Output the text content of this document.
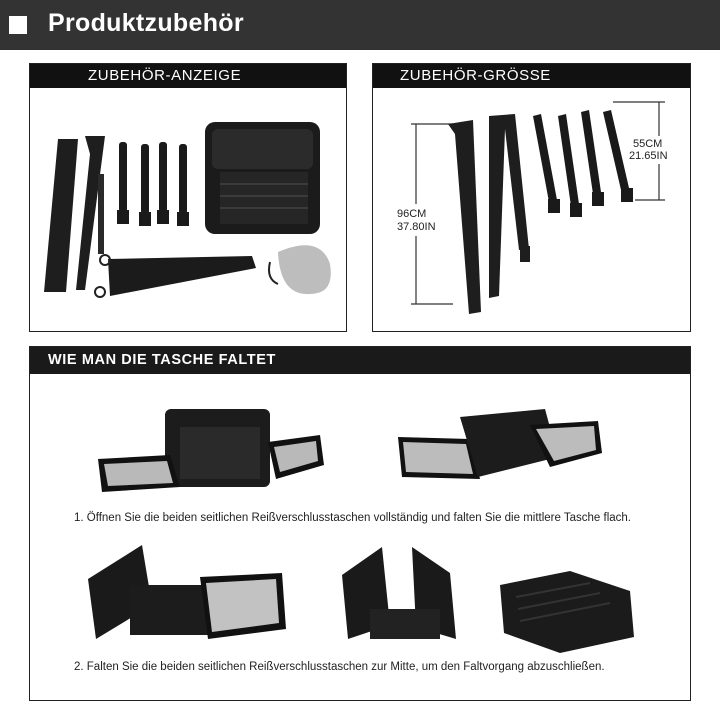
Produktzubehör
ZUBEHÖR-ANZEIGE	ZUBEHÖR-GRÖSSE
96CM
37.80IN
55CM
21.65IN
WIE MAN DIE TASCHE FALTET
1. Öffnen Sie die beiden seitlichen Reißverschlusstaschen vollständig und falten Sie die mittlere Tasche flach.
2. Falten Sie die beiden seitlichen Reißverschlusstaschen zur Mitte, um den Faltvorgang abzuschließen.
